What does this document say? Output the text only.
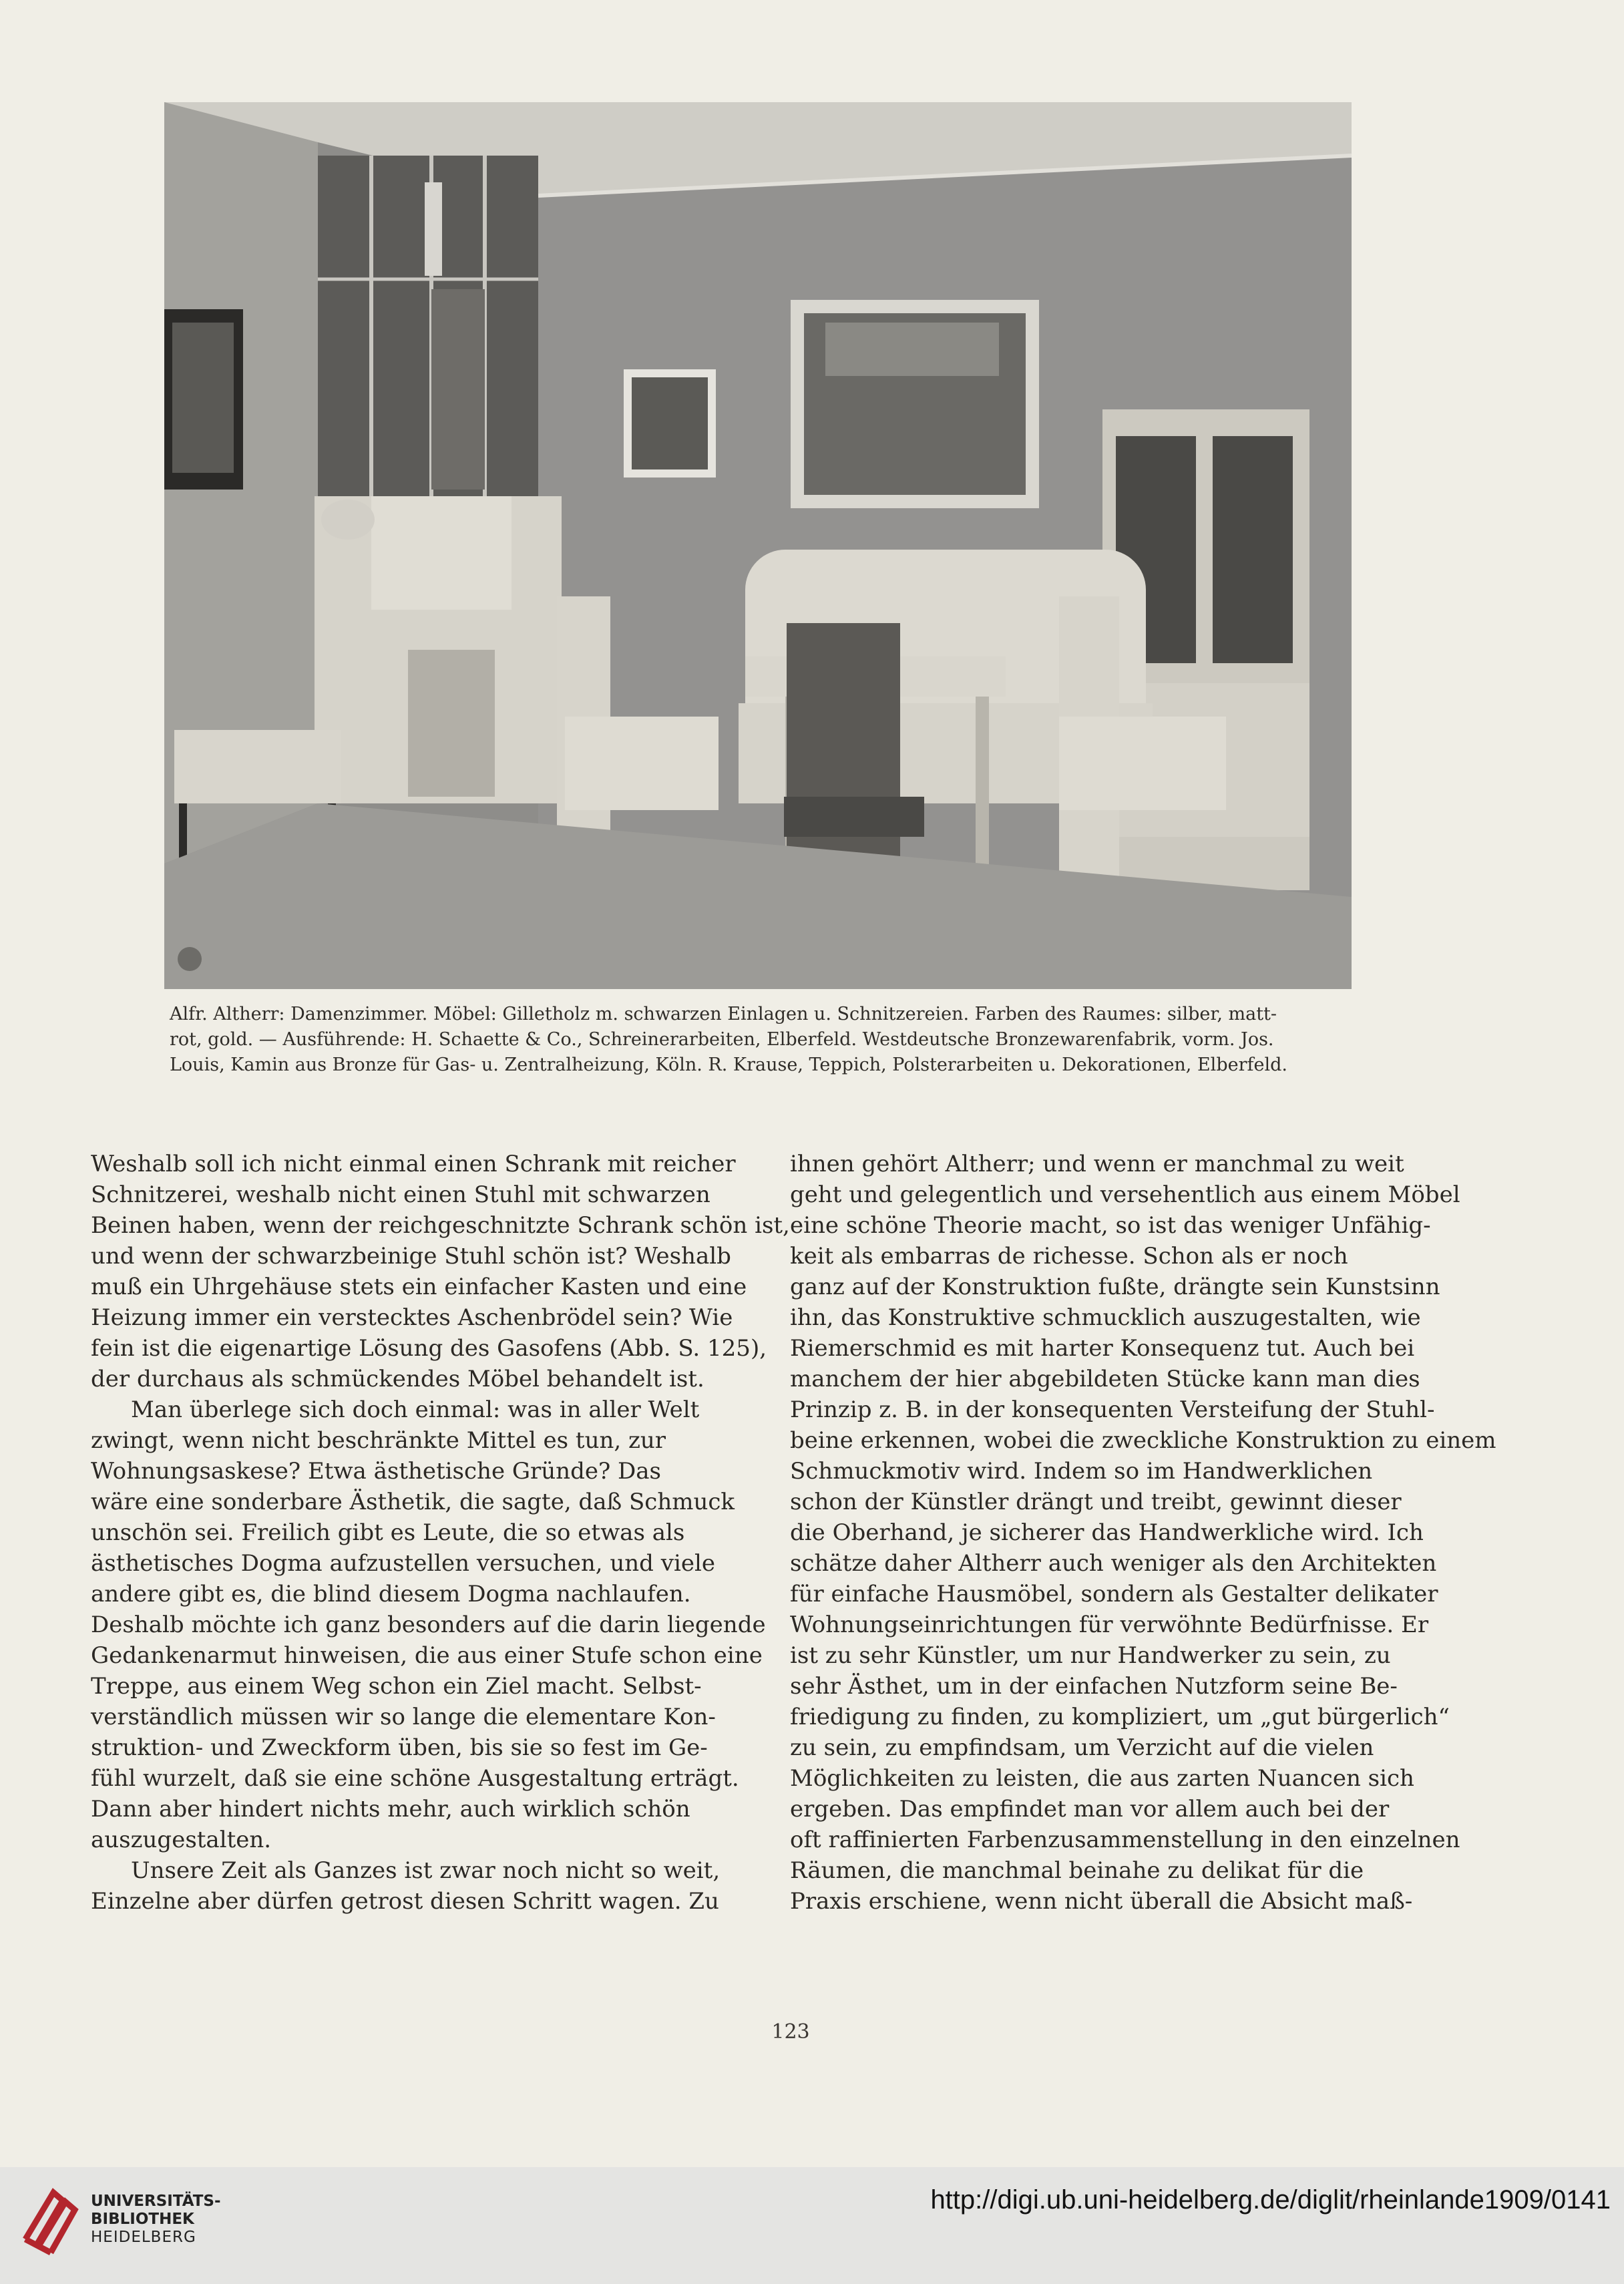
Alfr. Altherr: Damenzimmer. Möbel: Gilletholz m. schwarzen Einlagen u. Schnitzereien. Farben des Raumes: silber, matt-
rot, gold. — Ausführende: H. Schaette & Co., Schreinerarbeiten, Elberfeld. Westdeutsche Bronzewarenfabrik, vorm. Jos.
Louis, Kamin aus Bronze für Gas- u. Zentralheizung, Köln. R. Krause, Teppich, Polsterarbeiten u. Dekorationen, Elberfeld.
Weshalb soll ich nicht einmal einen Schrank mit reicher
Schnitzerei, weshalb nicht einen Stuhl mit schwarzen
Beinen haben, wenn der reichgeschnitzte Schrank schön ist,
und wenn der schwarzbeinige Stuhl schön ist? Weshalb
muß ein Uhrgehäuse stets ein einfacher Kasten und eine
Heizung immer ein verstecktes Aschenbrödel sein? Wie
fein ist die eigenartige Lösung des Gasofens (Abb. S. 125),
der durchaus als schmückendes Möbel behandelt ist.
Man überlege sich doch einmal: was in aller Welt
zwingt, wenn nicht beschränkte Mittel es tun, zur
Wohnungsaskese? Etwa ästhetische Gründe? Das
wäre eine sonderbare Ästhetik, die sagte, daß Schmuck
unschön sei. Freilich gibt es Leute, die so etwas als
ästhetisches Dogma aufzustellen versuchen, und viele
andere gibt es, die blind diesem Dogma nachlaufen.
Deshalb möchte ich ganz besonders auf die darin liegende
Gedankenarmut hinweisen, die aus einer Stufe schon eine
Treppe, aus einem Weg schon ein Ziel macht. Selbst-
verständlich müssen wir so lange die elementare Kon-
struktion- und Zweckform üben, bis sie so fest im Ge-
fühl wurzelt, daß sie eine schöne Ausgestaltung erträgt.
Dann aber hindert nichts mehr, auch wirklich schön
auszugestalten.
Unsere Zeit als Ganzes ist zwar noch nicht so weit,
Einzelne aber dürfen getrost diesen Schritt wagen. Zu
ihnen gehört Altherr; und wenn er manchmal zu weit
geht und gelegentlich und versehentlich aus einem Möbel
eine schöne Theorie macht, so ist das weniger Unfähig-
keit als embarras de richesse. Schon als er noch
ganz auf der Konstruktion fußte, drängte sein Kunstsinn
ihn, das Konstruktive schmucklich auszugestalten, wie
Riemerschmid es mit harter Konsequenz tut. Auch bei
manchem der hier abgebildeten Stücke kann man dies
Prinzip z. B. in der konsequenten Versteifung der Stuhl-
beine erkennen, wobei die zweckliche Konstruktion zu einem
Schmuckmotiv wird. Indem so im Handwerklichen
schon der Künstler drängt und treibt, gewinnt dieser
die Oberhand, je sicherer das Handwerkliche wird. Ich
schätze daher Altherr auch weniger als den Architekten
für einfache Hausmöbel, sondern als Gestalter delikater
Wohnungseinrichtungen für verwöhnte Bedürfnisse. Er
ist zu sehr Künstler, um nur Handwerker zu sein, zu
sehr Ästhet, um in der einfachen Nutzform seine Be-
friedigung zu finden, zu kompliziert, um „gut bürgerlich“
zu sein, zu empfindsam, um Verzicht auf die vielen
Möglichkeiten zu leisten, die aus zarten Nuancen sich
ergeben. Das empfindet man vor allem auch bei der
oft raffinierten Farbenzusammenstellung in den einzelnen
Räumen, die manchmal beinahe zu delikat für die
Praxis erschiene, wenn nicht überall die Absicht maß-
123
UNIVERSITÄTS-
BIBLIOTHEK
HEIDELBERG
http://digi.ub.uni-heidelberg.de/diglit/rheinlande1909/0141
